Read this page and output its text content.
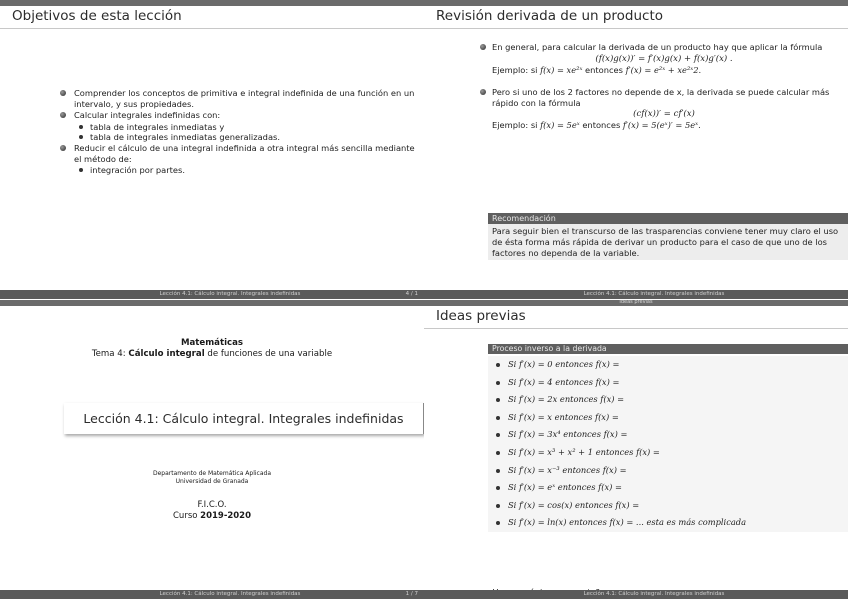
Objetivos de esta lección
Comprender los conceptos de primitiva e integral indefinida de una función en un intervalo, y sus propiedades.
Calcular integrales indefinidas con:
tabla de integrales inmediatas y
tabla de integrales inmediatas generalizadas.
Reducir el cálculo de una integral indefinida a otra integral más sencilla mediante el método de:
integración por partes.
Lección 4.1: Cálculo integral. Integrales indefinidas	4 / 1
Revisión derivada de un producto
En general, para calcular la derivada de un producto hay que aplicar la fórmula
(f(x)g(x))′ = f′(x)g(x) + f(x)g′(x) .
Ejemplo: si f(x) = xe²ˣ entonces f′(x) = e²ˣ + xe²ˣ2.
Pero si uno de los 2 factores no depende de x, la derivada se puede calcular más rápido con la fórmula
(cf(x))′ = cf′(x)
Ejemplo: si f(x) = 5eˣ entonces f′(x) = 5(eˣ)′ = 5eˣ.
Recomendación
Para seguir bien el transcurso de las trasparencias conviene tener muy claro el uso de ésta forma más rápida de derivar un producto para el caso de que uno de los factores no dependa de la variable.
Lección 4.1: Cálculo integral. Integrales indefinidas
Matemáticas
Tema 4: Cálculo integral de funciones de una variable
Lección 4.1: Cálculo integral. Integrales indefinidas
Departamento de Matemática Aplicada
Universidad de Granada
F.I.C.O.
Curso 2019-2020
Lección 4.1: Cálculo integral. Integrales indefinidas	1 / 7
Ideas previas
Ideas previas
Proceso inverso a la derivada
Si f′(x) = 0 entonces f(x) =
Si f′(x) = 4 entonces f(x) =
Si f′(x) = 2x entonces f(x) =
Si f′(x) = x entonces f(x) =
Si f′(x) = 3x⁴ entonces f(x) =
Si f′(x) = x³ + x² + 1 entonces f(x) =
Si f′(x) = x⁻³ entonces f(x) =
Si f′(x) = eˣ entonces f(x) =
Si f′(x) = cos(x) entonces f(x) =
Si f′(x) = ln(x) entonces f(x) = ... esta es más complicada
Lección 4.1: Cálculo integral. Integrales indefinidas
